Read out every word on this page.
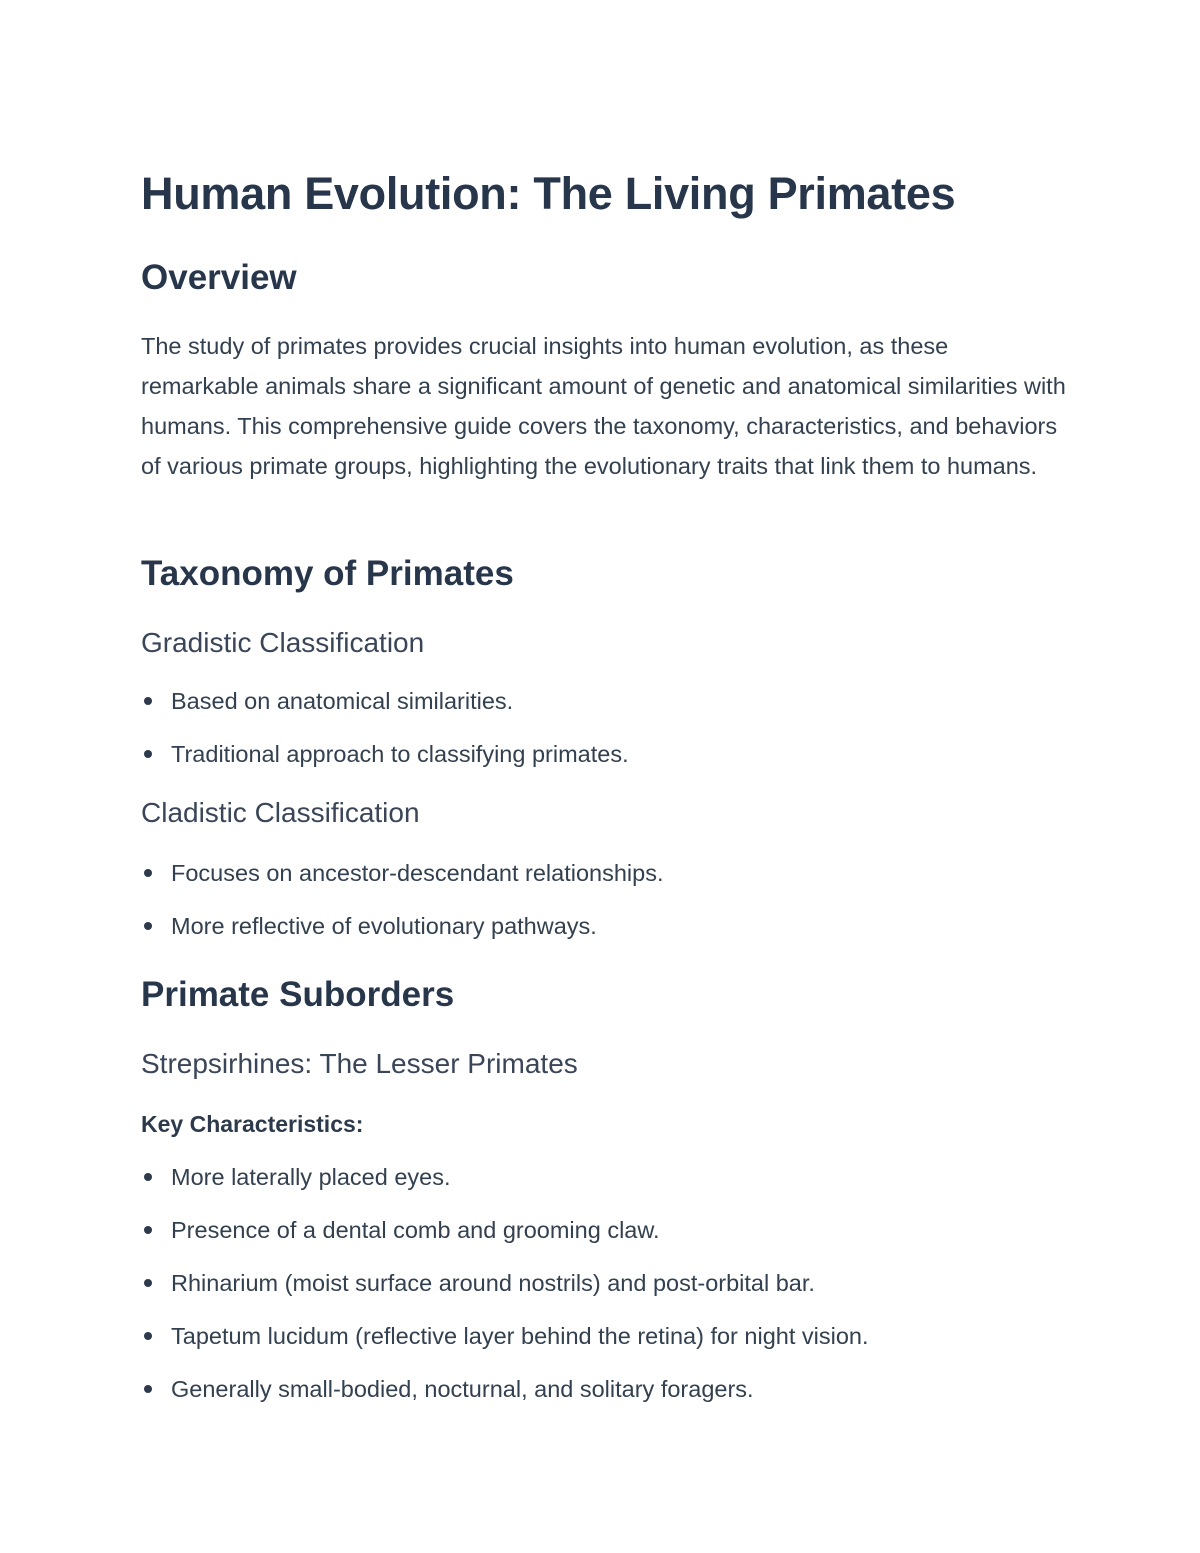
Human Evolution: The Living Primates
Overview

The study of primates provides crucial insights into human evolution, as these remarkable animals share a significant amount of genetic and anatomical similarities with humans. This comprehensive guide covers the taxonomy, characteristics, and behaviors of various primate groups, highlighting the evolutionary traits that link them to humans.

Taxonomy of Primates
Gradistic Classification
Based on anatomical similarities.
Traditional approach to classifying primates.
Cladistic Classification
Focuses on ancestor-descendant relationships.
More reflective of evolutionary pathways.
Primate Suborders
Strepsirhines: The Lesser Primates
Key Characteristics:
More laterally placed eyes.
Presence of a dental comb and grooming claw.
Rhinarium (moist surface around nostrils) and post-orbital bar.
Tapetum lucidum (reflective layer behind the retina) for night vision.
Generally small-bodied, nocturnal, and solitary foragers.
